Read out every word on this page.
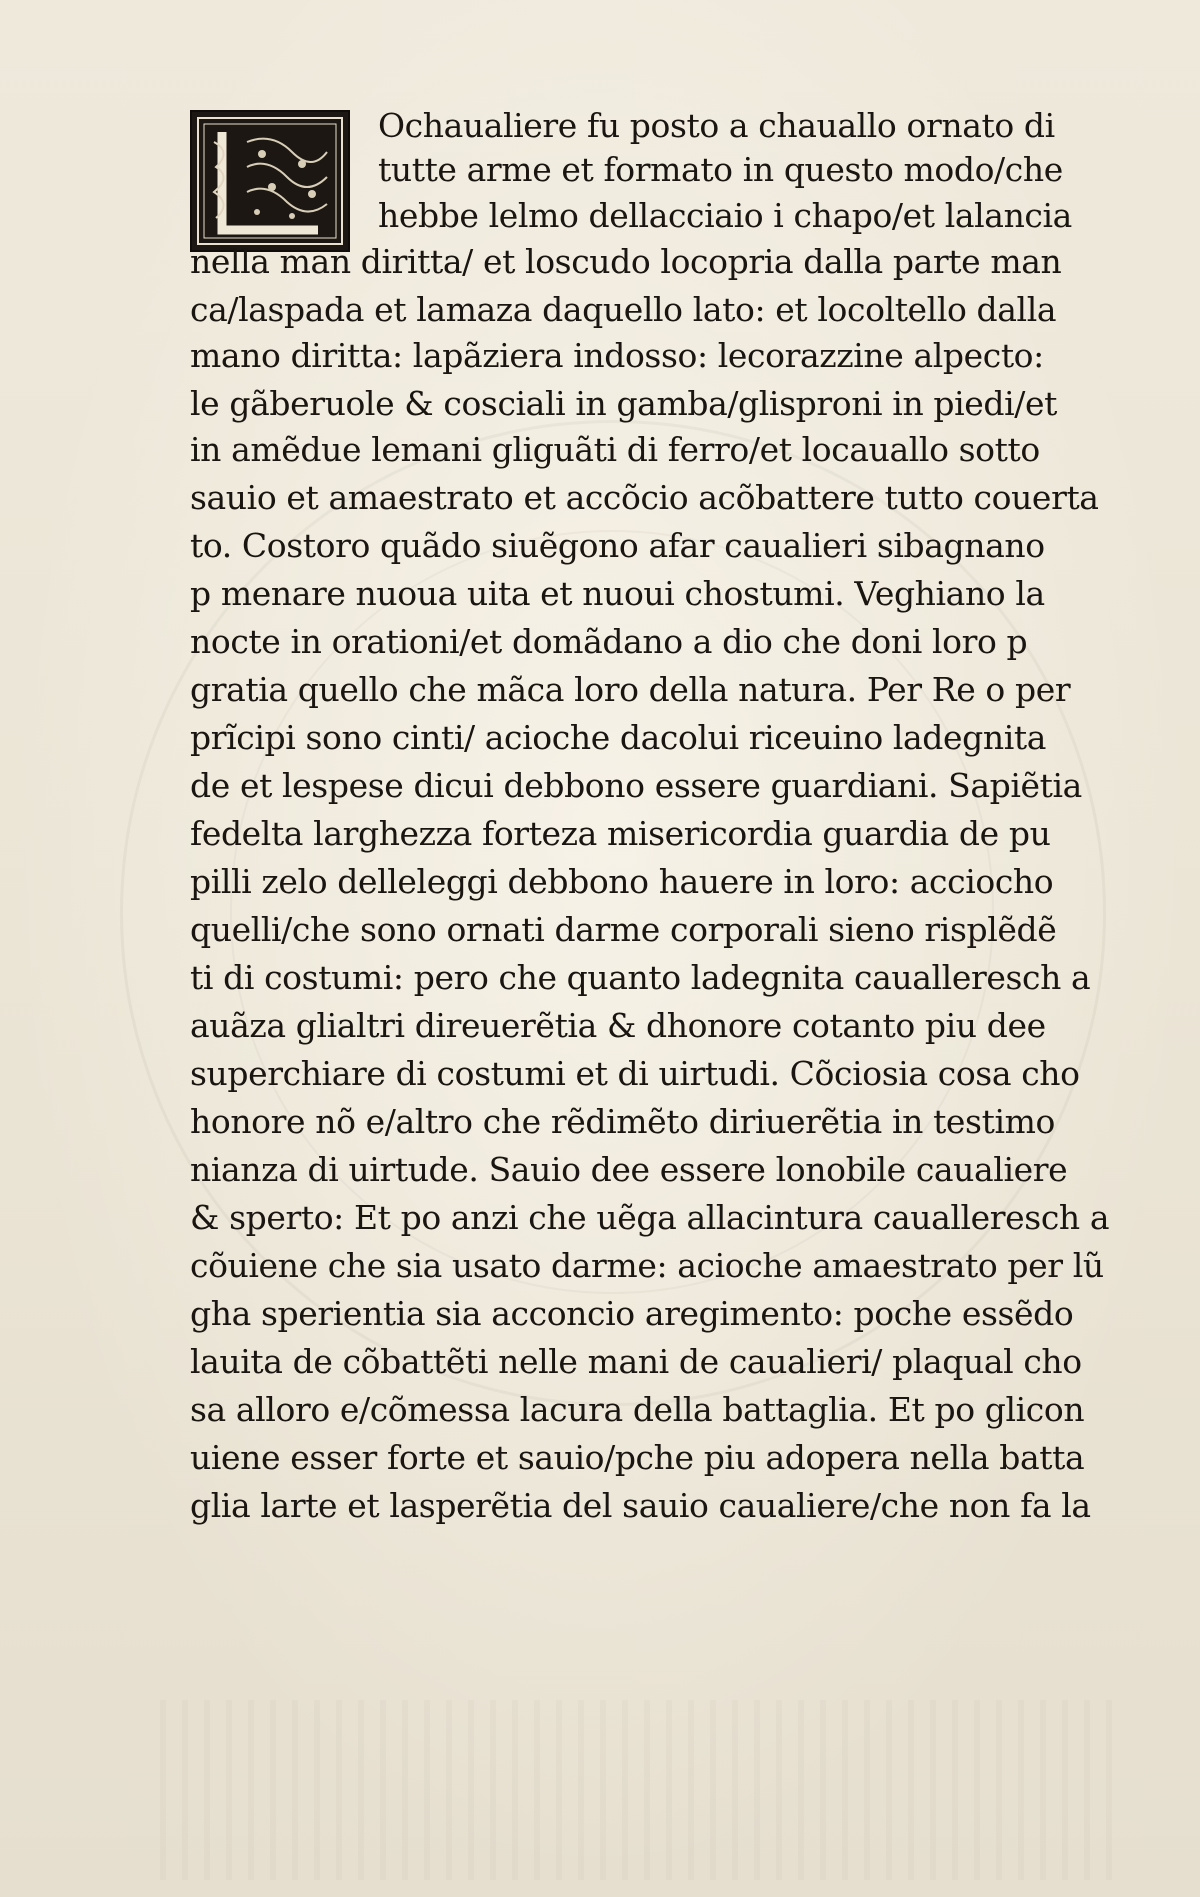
Ochaualiere fu posto a chauallo ornato di
tutte arme et formato in questo modo/che
hebbe lelmo dellacciaio i chapo/et lalancia
nella man diritta/ et loscudo locopria dalla parte man
ca/laspada et lamaza daquello lato: et locoltello dalla
mano diritta: lapãziera indosso: lecorazzine alpecto:
le gãberuole & cosciali in gamba/glisproni in piedi/et
in amẽdue lemani gliguãti di ferro/et locauallo sotto
sauio et amaestrato et accõcio acõbattere tutto couerta
to. Costoro quãdo siuẽgono afar caualieri sibagnano
p menare nuoua uita et nuoui chostumi. Veghiano la
nocte in orationi/et domãdano a dio che doni loro p
gratia quello che mãca loro della natura. Per Re o per
prĩcipi sono cinti/ acioche dacolui riceuino ladegnita
de et lespese dicui debbono essere guardiani. Sapiẽtia
fedelta larghezza forteza misericordia guardia de pu
pilli zelo delleleggi debbono hauere in loro: acciocho
quelli/che sono ornati darme corporali sieno risplẽdẽ
ti di costumi: pero che quanto ladegnita caualleresch a
auãza glialtri direuerẽtia & dhonore cotanto piu dee
superchiare di costumi et di uirtudi. Cõciosia cosa cho
honore nõ e/altro che rẽdimẽto diriuerẽtia in testimo
nianza di uirtude. Sauio dee essere lonobile caualiere
& sperto: Et po anzi che uẽga allacintura caualleresch a
cõuiene che sia usato darme: acioche amaestrato per lũ
gha sperientia sia acconcio aregimento: poche essẽdo
lauita de cõbattẽti nelle mani de caualieri/ plaqual cho
sa alloro e/cõmessa lacura della battaglia. Et po glicon
uiene esser forte et sauio/pche piu adopera nella batta
glia larte et lasperẽtia del sauio caualiere/che non fa la
